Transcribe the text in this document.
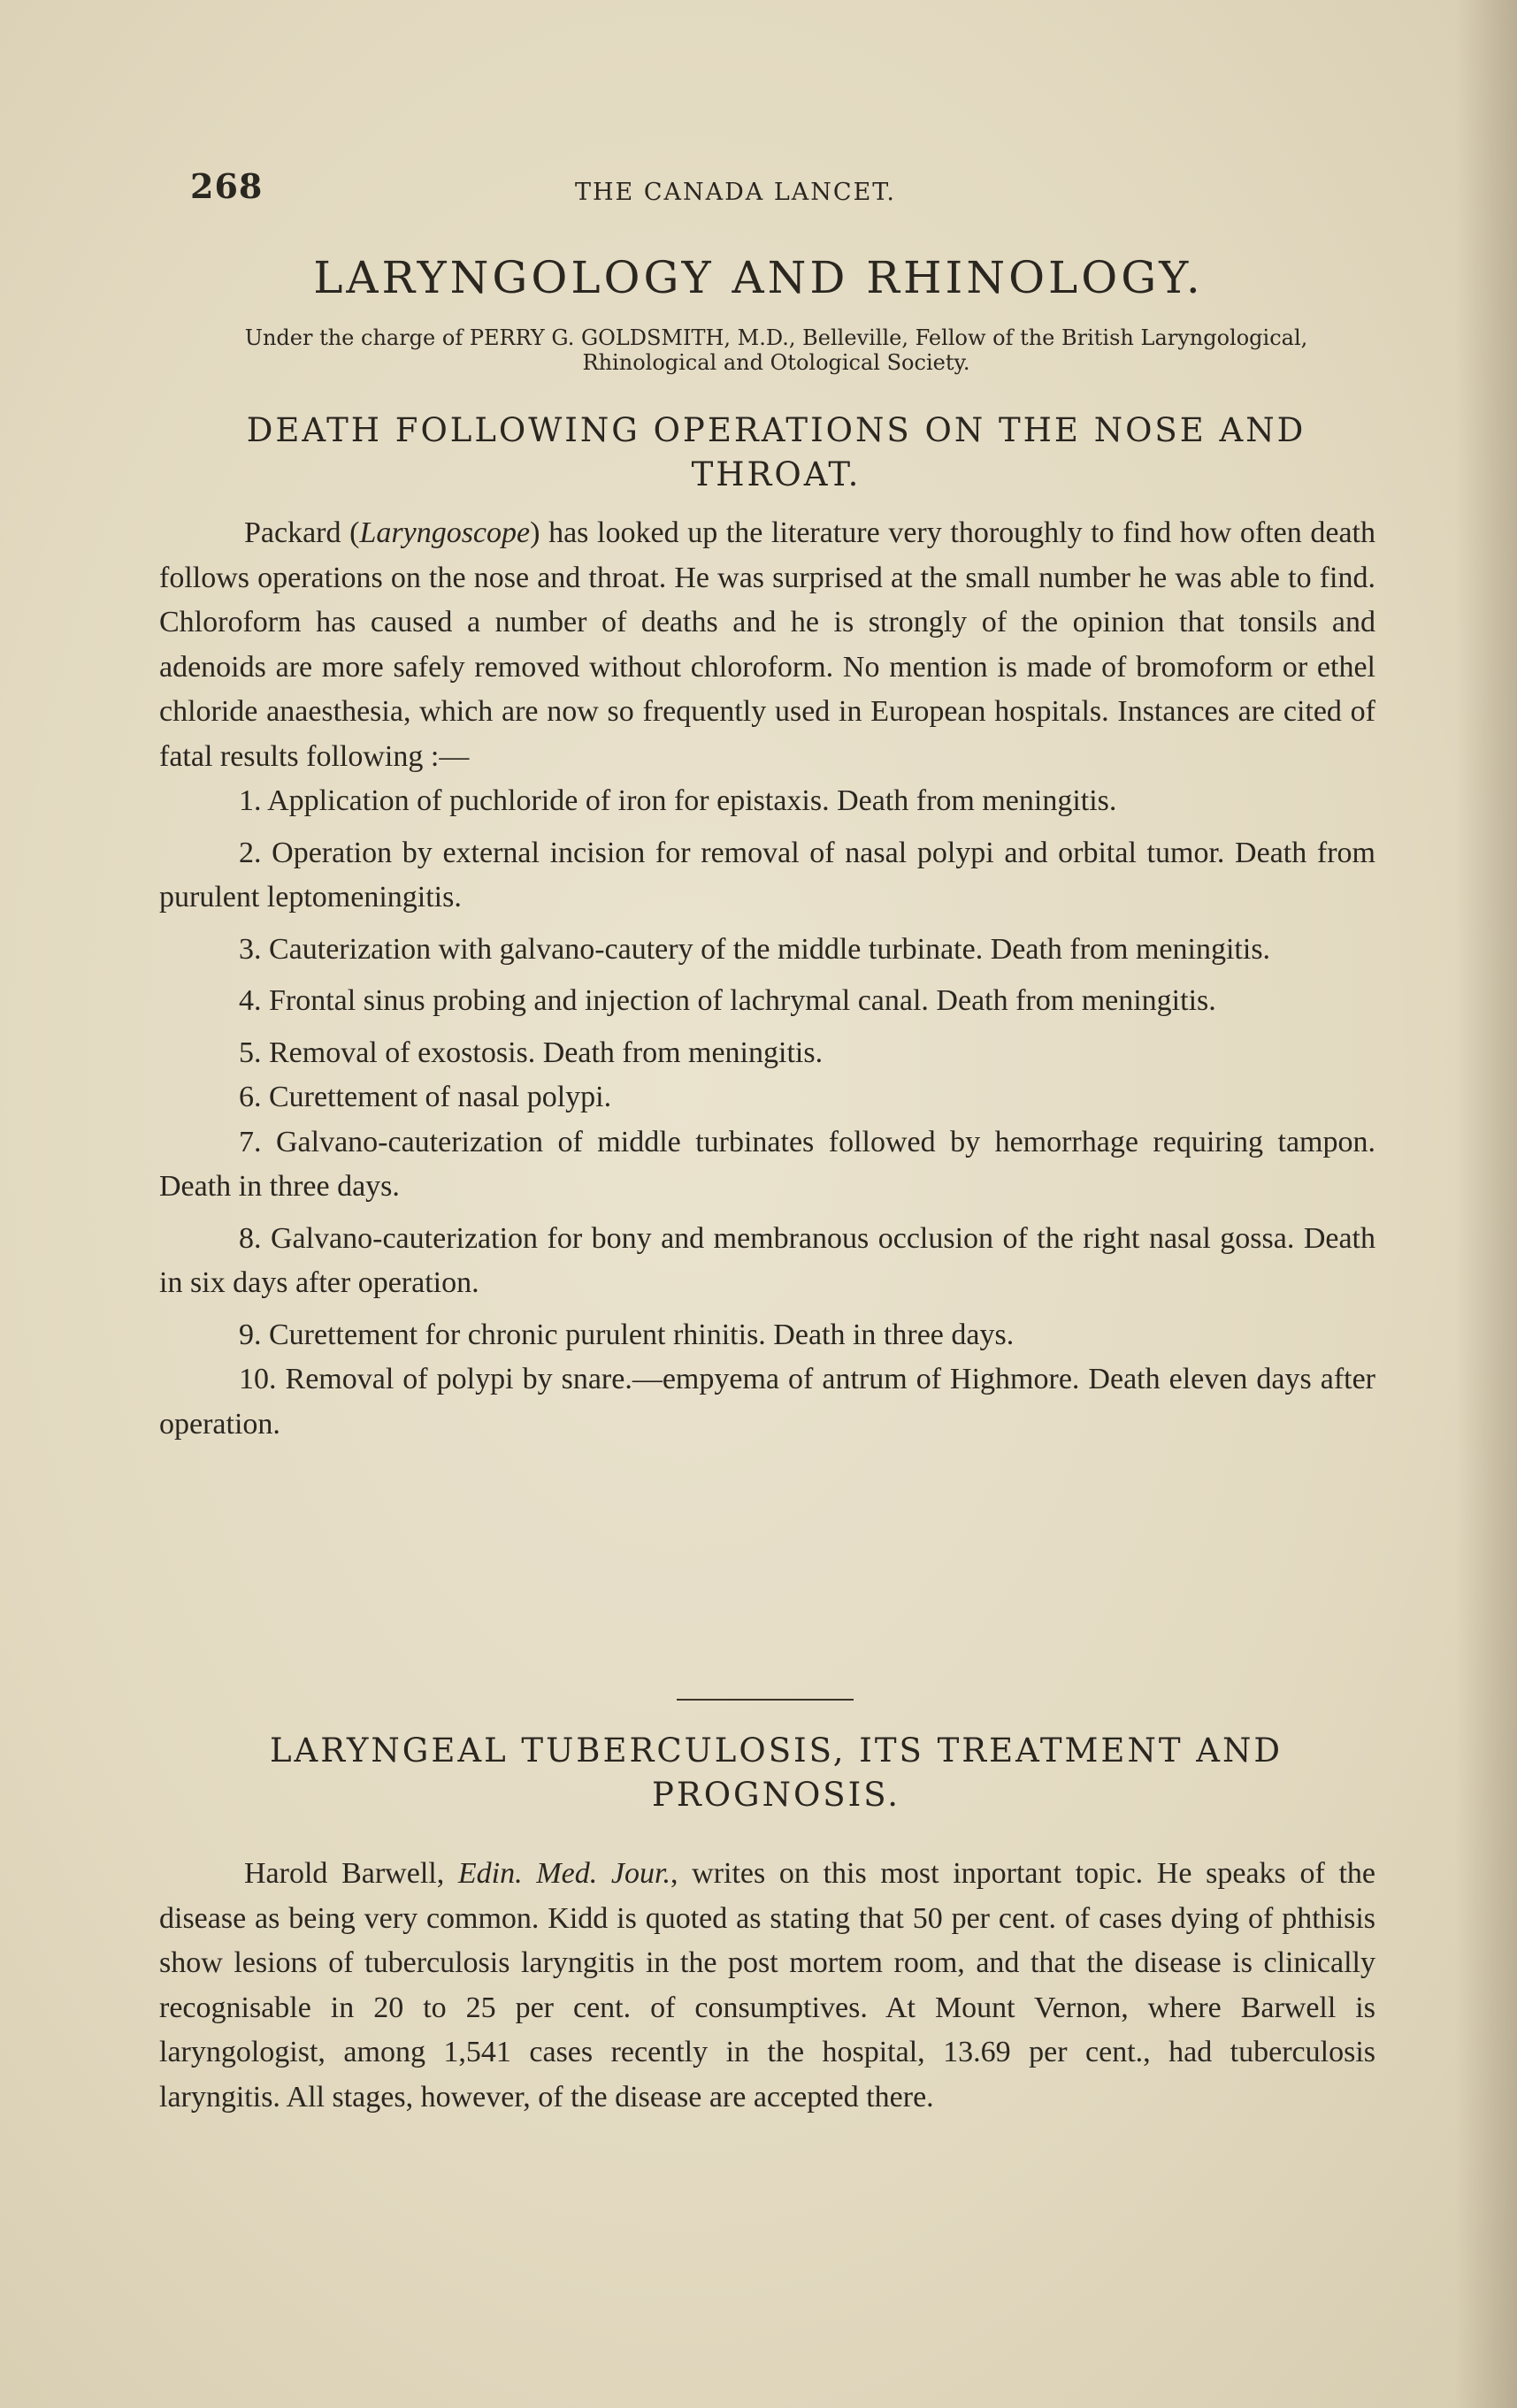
268	THE CANADA LANCET.
LARYNGOLOGY AND RHINOLOGY.
Under the charge of PERRY G. GOLDSMITH, M.D., Belleville, Fellow of the British Laryngological,
Rhinological and Otological Society.
DEATH FOLLOWING OPERATIONS ON THE NOSE AND
THROAT.

Packard (Laryngoscope) has looked up the literature very thoroughly to find how often death follows operations on the nose and throat. He was surprised at the small number he was able to find. Chloroform has caused a number of deaths and he is strongly of the opinion that tonsils and adenoids are more safely removed without chloroform. No mention is made of bromoform or ethel chloride anaesthesia, which are now so frequently used in European hospitals. Instances are cited of fatal results following :—

1. Application of puchloride of iron for epistaxis. Death from meningitis.

2. Operation by external incision for removal of nasal polypi and orbital tumor. Death from purulent leptomeningitis.

3. Cauterization with galvano-cautery of the middle turbinate. Death from meningitis.

4. Frontal sinus probing and injection of lachrymal canal. Death from meningitis.

5. Removal of exostosis. Death from meningitis.

6. Curettement of nasal polypi.

7. Galvano-cauterization of middle turbinates followed by hemorrhage requiring tampon. Death in three days.

8. Galvano-cauterization for bony and membranous occlusion of the right nasal gossa. Death in six days after operation.

9. Curettement for chronic purulent rhinitis. Death in three days.

10. Removal of polypi by snare.—empyema of antrum of Highmore. Death eleven days after operation.

LARYNGEAL TUBERCULOSIS, ITS TREATMENT AND
PROGNOSIS.

Harold Barwell, Edin. Med. Jour., writes on this most inportant topic. He speaks of the disease as being very common. Kidd is quoted as stating that 50 per cent. of cases dying of phthisis show lesions of tuberculosis laryngitis in the post mortem room, and that the disease is clinically recognisable in 20 to 25 per cent. of consumptives. At Mount Vernon, where Barwell is laryngologist, among 1,541 cases recently in the hospital, 13.69 per cent., had tuberculosis laryngitis. All stages, however, of the disease are accepted there.
